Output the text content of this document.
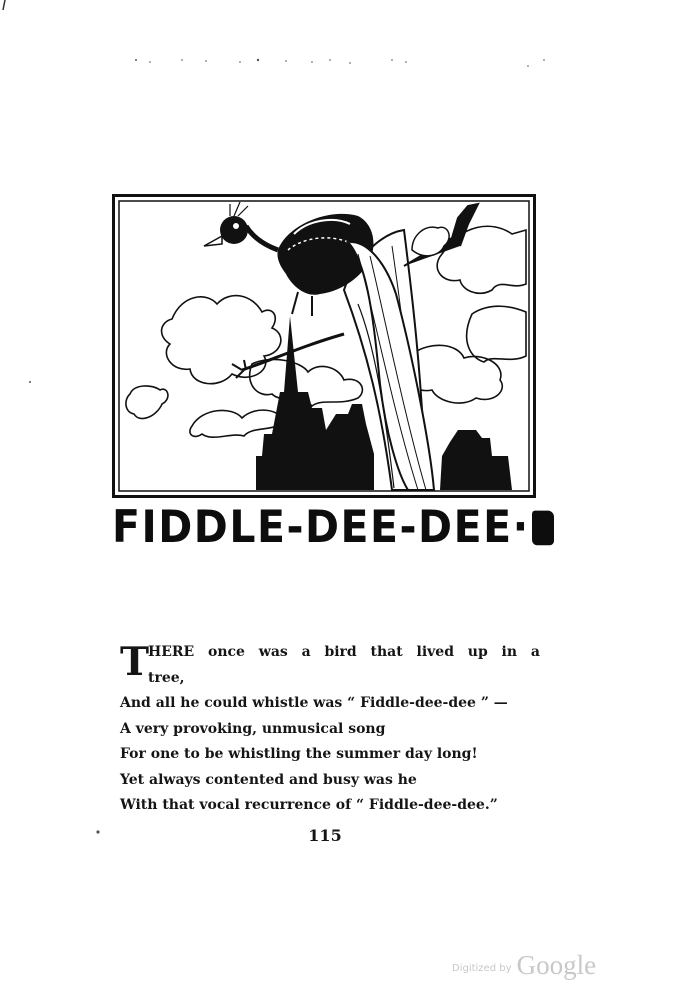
FIDDLE-DEE-DEE·
T
HERE once was a bird that lived up in a
tree,
And all he could whistle was “ Fiddle-dee-dee ” —
A very provoking, unmusical song
For one to be whistling the summer day long!
Yet always contented and busy was he
With that vocal recurrence of “ Fiddle-dee-dee.”
115
Digitized by Google
